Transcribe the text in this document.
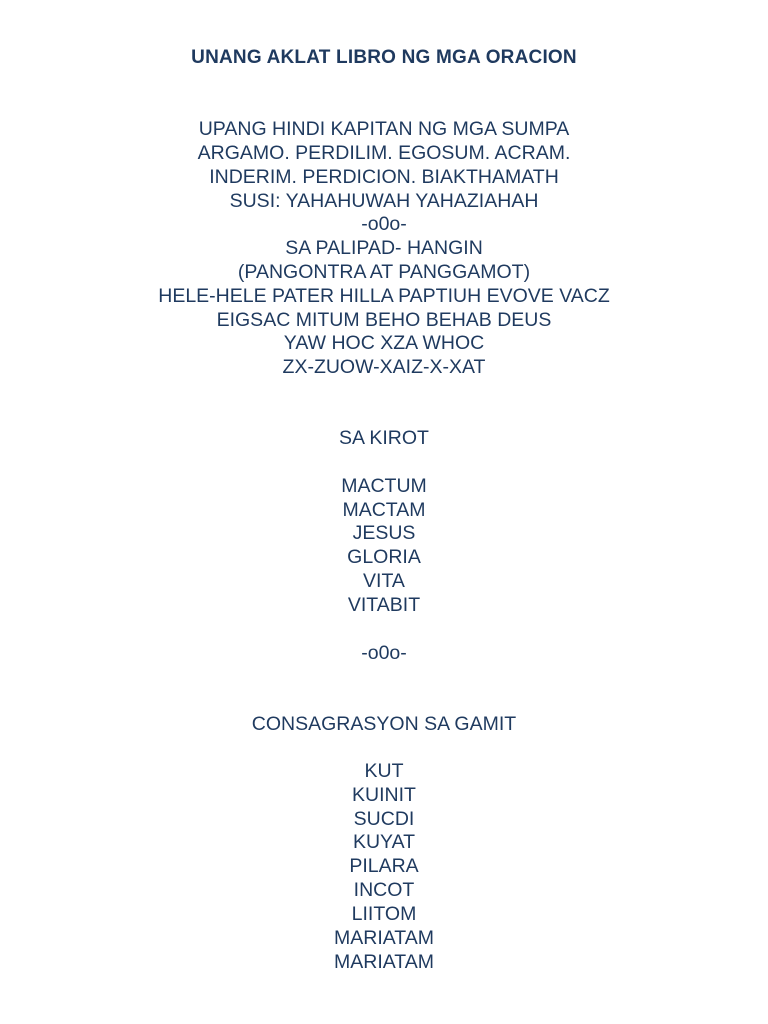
UNANG AKLAT LIBRO NG MGA ORACION
UPANG HINDI KAPITAN NG MGA SUMPA
ARGAMO. PERDILIM. EGOSUM. ACRAM.
INDERIM. PERDICION. BIAKTHAMATH
SUSI: YAHAHUWAH YAHAZIAHAH
-o0o-
SA PALIPAD- HANGIN
(PANGONTRA AT PANGGAMOT)
HELE-HELE PATER HILLA PAPTIUH EVOVE VACZ
EIGSAC MITUM BEHO BEHAB DEUS
YAW HOC XZA WHOC
ZX-ZUOW-XAIZ-X-XAT
SA KIROT
MACTUM
MACTAM
JESUS
GLORIA
VITA
VITABIT
-o0o-
CONSAGRASYON SA GAMIT
KUT
KUINIT
SUCDI
KUYAT
PILARA
INCOT
LIITOM
MARIATAM
MARIATAM
